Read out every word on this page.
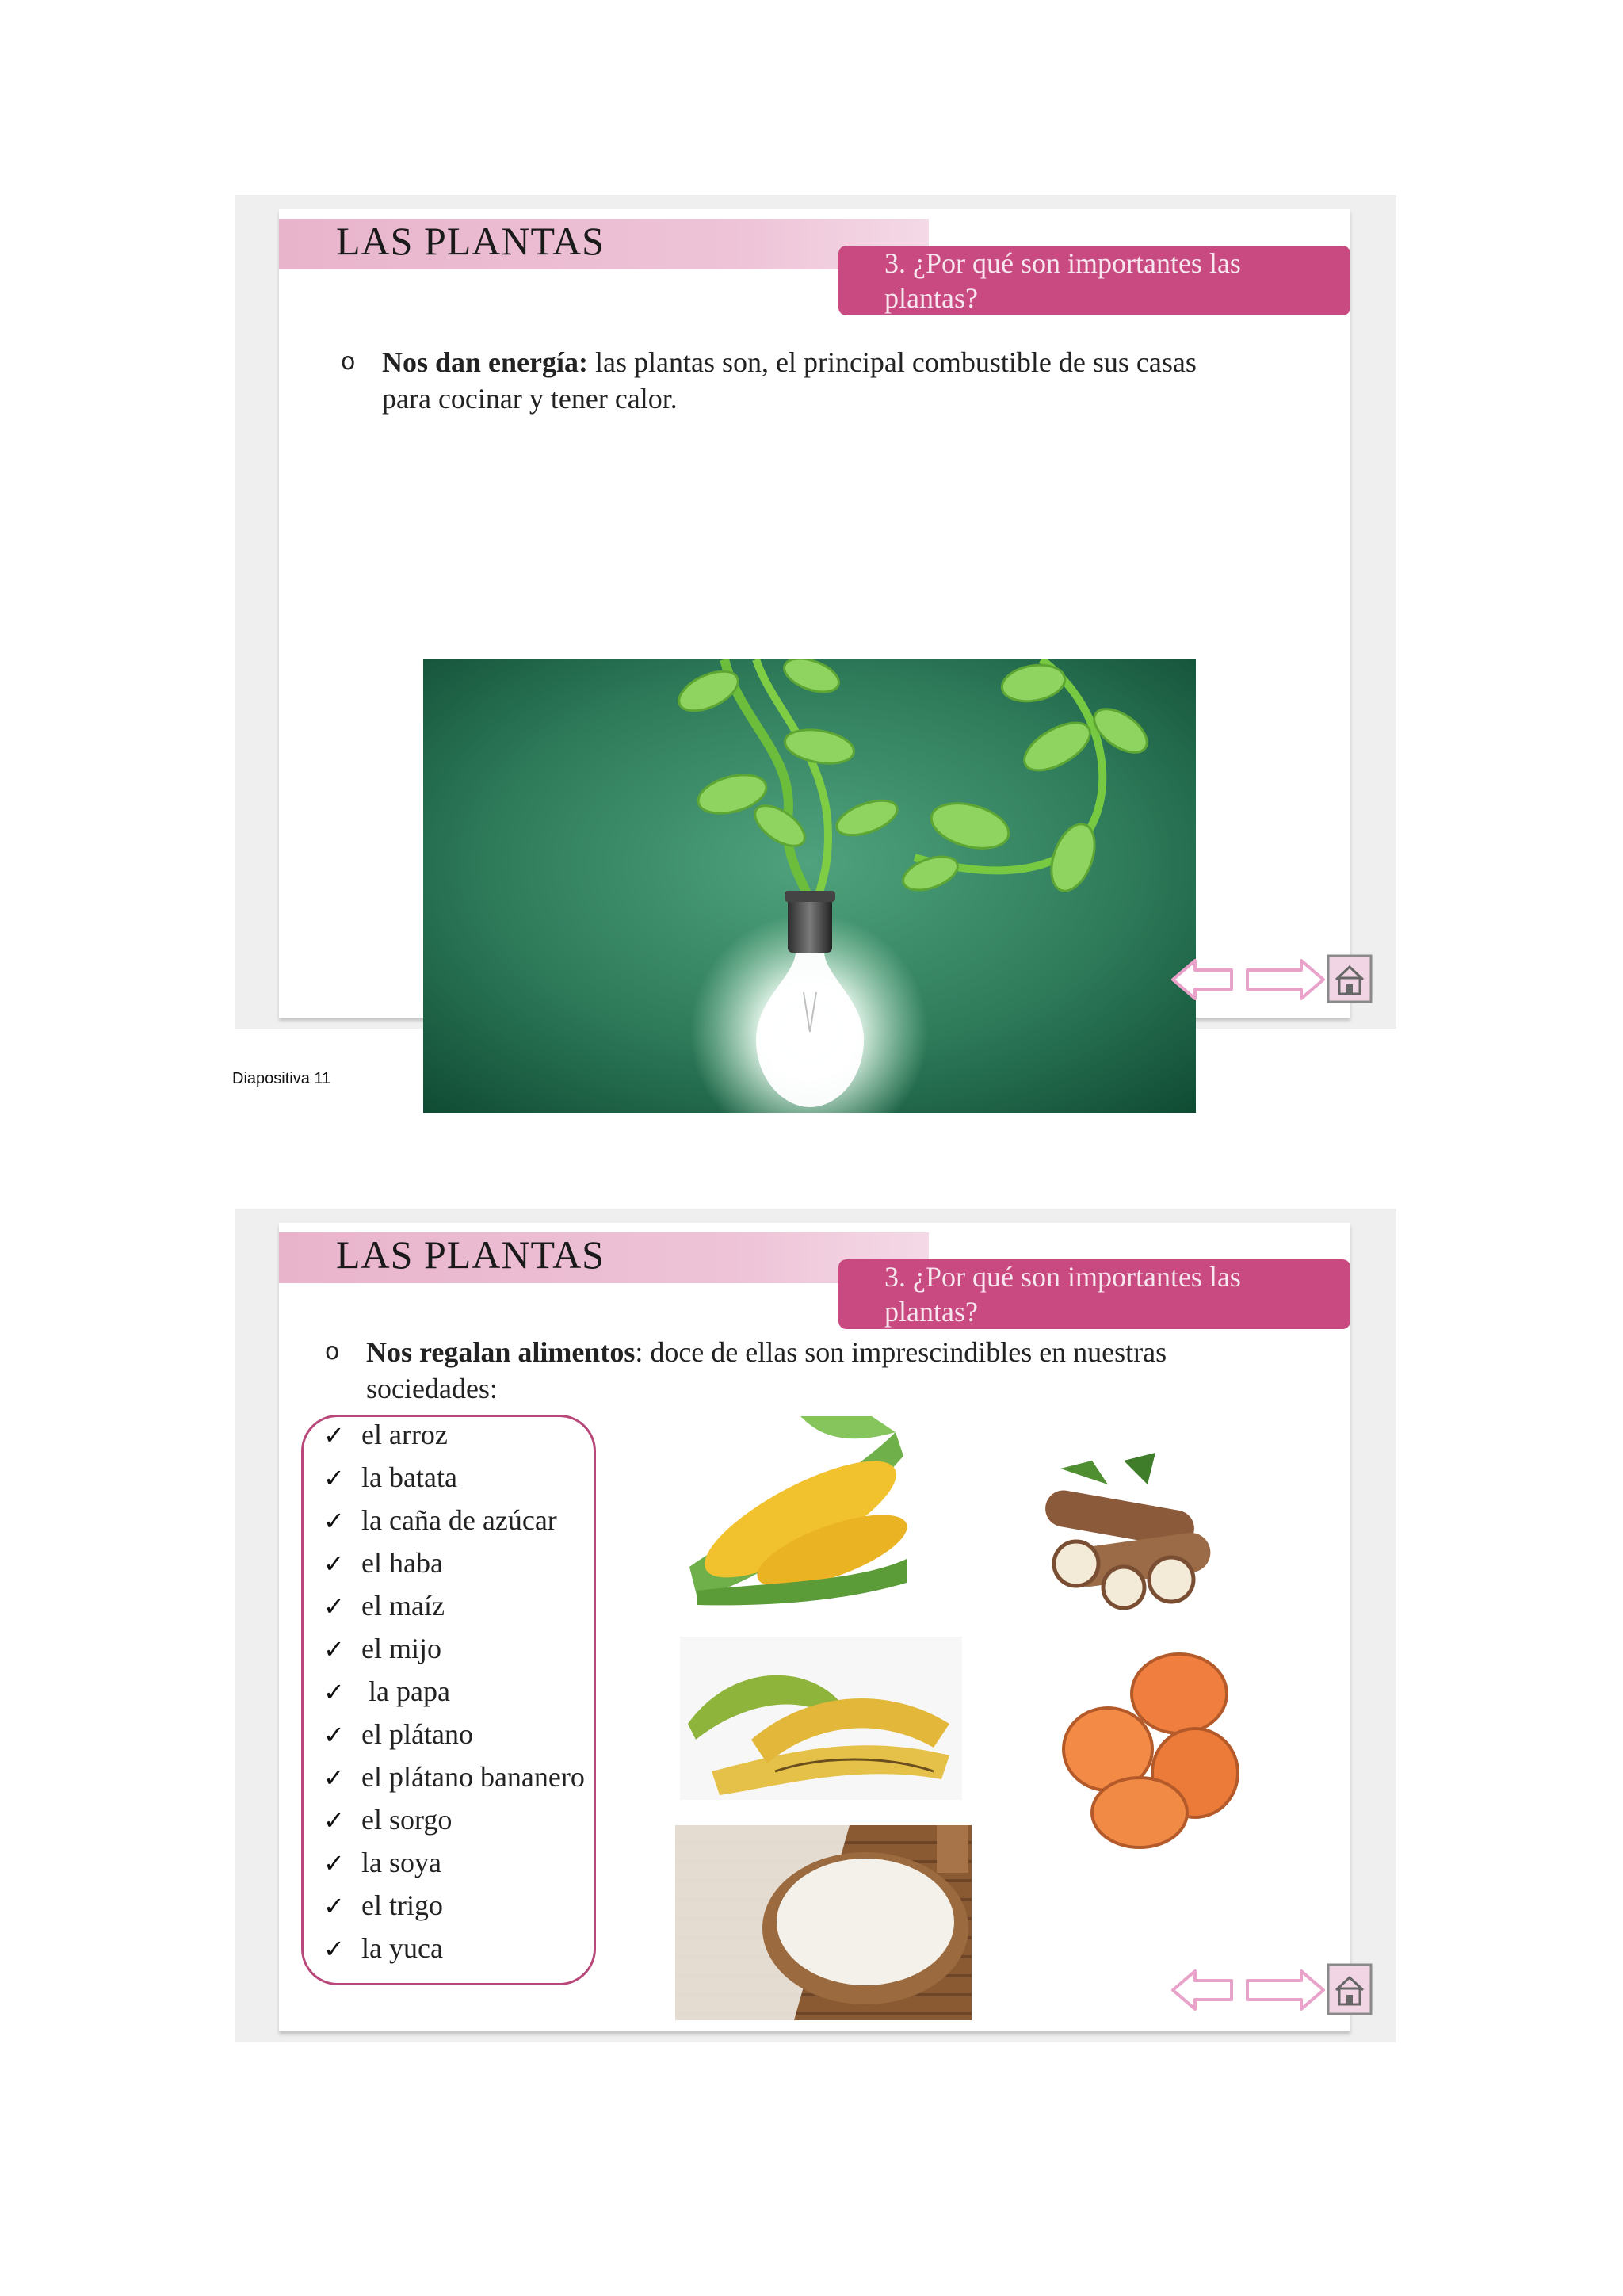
LAS PLANTAS	3. ¿Por qué son importantes las
plantas?
o Nos dan energía: las plantas son, el principal combustible de sus casas
para cocinar y tener calor.
Diapositiva 11
LAS PLANTAS	3. ¿Por qué son importantes las
plantas?
o Nos regalan alimentos: doce de ellas son imprescindibles en nuestras
sociedades:
✓ el arroz
✓ la batata
✓ la caña de azúcar
✓ el haba
✓ el maíz
✓ el mijo
✓ la papa
✓ el plátano
✓ el plátano bananero
✓ el sorgo
✓ la soya
✓ el trigo
✓ la yuca
